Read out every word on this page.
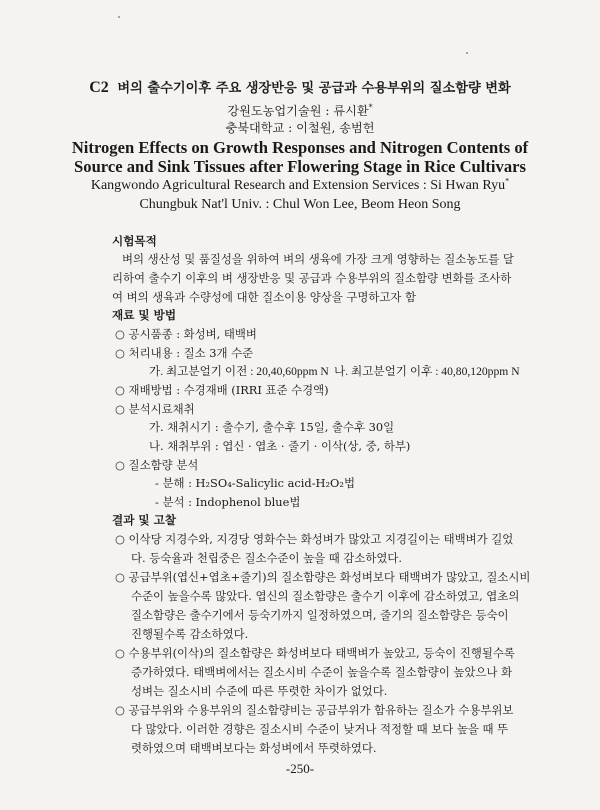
C2 벼의 출수기이후 주요 생장반응 및 공급과 수용부위의 질소함량 변화
강원도농업기술원 : 류시환*
충북대학교 : 이철원, 송범헌
Nitrogen Effects on Growth Responses and Nitrogen Contents of
Source and Sink Tissues after Flowering Stage in Rice Cultivars
Kangwondo Agricultural Research and Extension Services : Si Hwan Ryu*
Chungbuk Nat'l Univ. : Chul Won Lee, Beom Heon Song
시험목적
벼의 생산성 및 품질성을 위하여 벼의 생육에 가장 크게 영향하는 질소농도를 달
리하여 출수기 이후의 벼 생장반응 및 공급과 수용부위의 질소함량 변화를 조사하
여 벼의 생육과 수량성에 대한 질소이용 양상을 구명하고자 함
재료 및 방법
○ 공시품종 : 화성벼, 태백벼
○ 처리내용 : 질소 3개 수준
가. 최고분얼기 이전 : 20,40,60ppm N 나. 최고분얼기 이후 : 40,80,120ppm N
○ 재배방법 : 수경재배 (IRRI 표준 수경액)
○ 분석시료채취
가. 채취시기 : 출수기, 출수후 15일, 출수후 30일
나. 채취부위 : 엽신 · 엽초 · 줄기 · 이삭(상, 중, 하부)
○ 질소함량 분석
- 분해 : H₂SO₄-Salicylic acid-H₂O₂법
- 분석 : Indophenol blue법
결과 및 고찰
○ 이삭당 지경수와, 지경당 영화수는 화성벼가 많았고 지경길이는 태백벼가 길었
다. 등숙율과 천립중은 질소수준이 높을 때 감소하였다.
○ 공급부위(엽신+엽초+줄기)의 질소함량은 화성벼보다 태백벼가 많았고, 질소시비
수준이 높을수록 많았다. 엽신의 질소함량은 출수기 이후에 감소하였고, 엽초의
질소함량은 출수기에서 등숙기까지 일정하였으며, 줄기의 질소함량은 등숙이
진행될수록 감소하였다.
○ 수용부위(이삭)의 질소함량은 화성벼보다 태백벼가 높았고, 등숙이 진행될수록
증가하였다. 태백벼에서는 질소시비 수준이 높을수록 질소함량이 높았으나 화
성벼는 질소시비 수준에 따른 뚜렷한 차이가 없었다.
○ 공급부위와 수용부위의 질소함량비는 공급부위가 함유하는 질소가 수용부위보
다 많았다. 이러한 경향은 질소시비 수준이 낮거나 적정할 때 보다 높을 때 뚜
렷하였으며 태백벼보다는 화성벼에서 뚜렷하였다.
-250-
